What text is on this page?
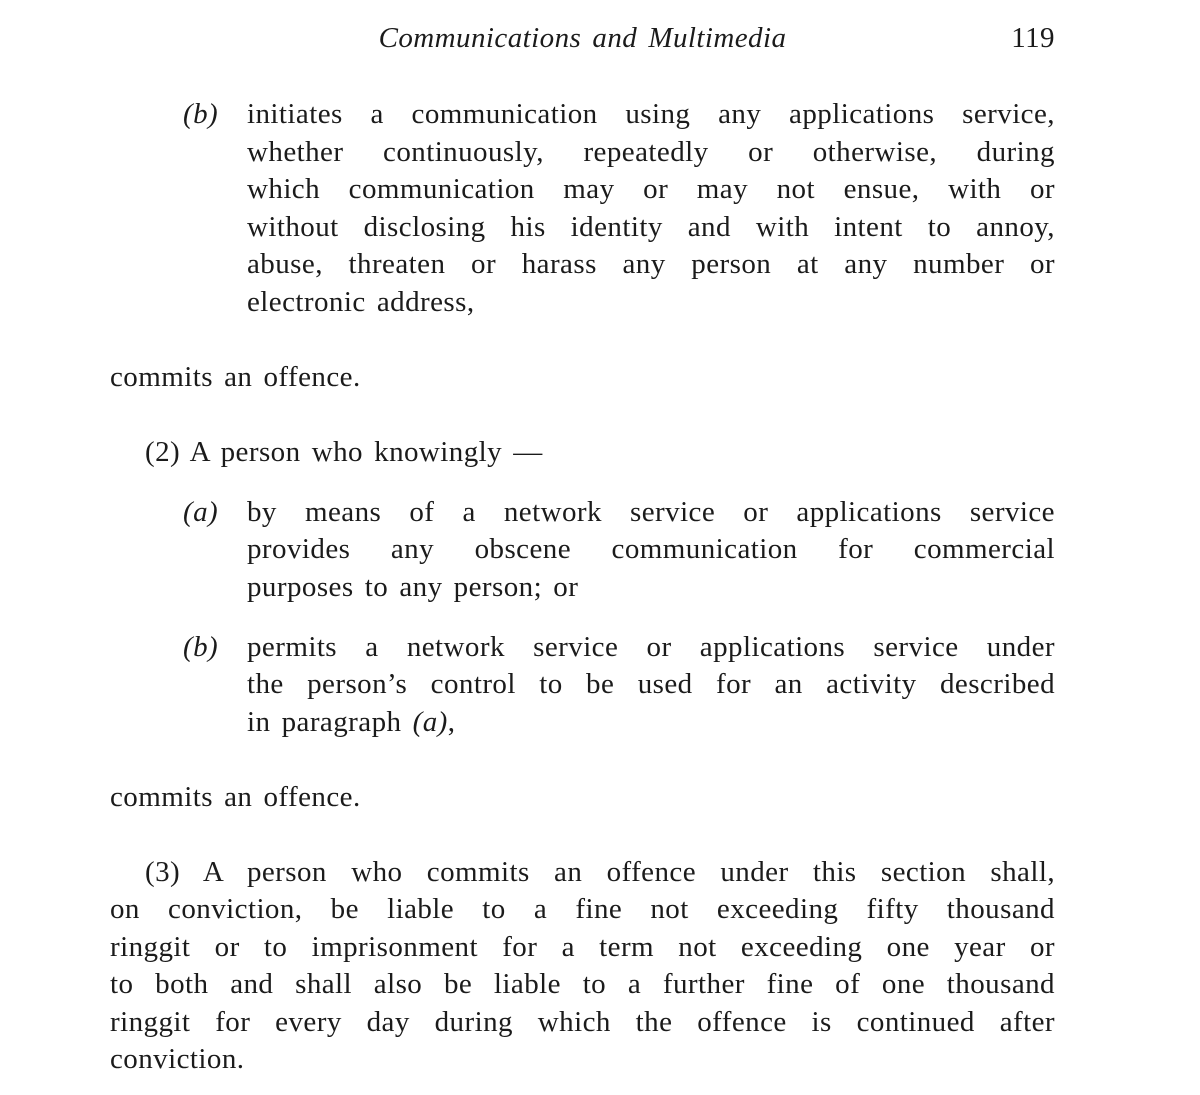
Communications and Multimedia	119
(b) initiates a communication using any applications service,
whether continuously, repeatedly or otherwise, during
which communication may or may not ensue, with or
without disclosing his identity and with intent to annoy,
abuse, threaten or harass any person at any number or
electronic address,
commits an offence.
(2) A person who knowingly —
(a) by means of a network service or applications service
provides any obscene communication for commercial
purposes to any person; or
(b) permits a network service or applications service under
the person’s control to be used for an activity described
in paragraph (a),
commits an offence.
(3) A person who commits an offence under this section shall,
on conviction, be liable to a fine not exceeding fifty thousand
ringgit or to imprisonment for a term not exceeding one year or
to both and shall also be liable to a further fine of one thousand
ringgit for every day during which the offence is continued after
conviction.
